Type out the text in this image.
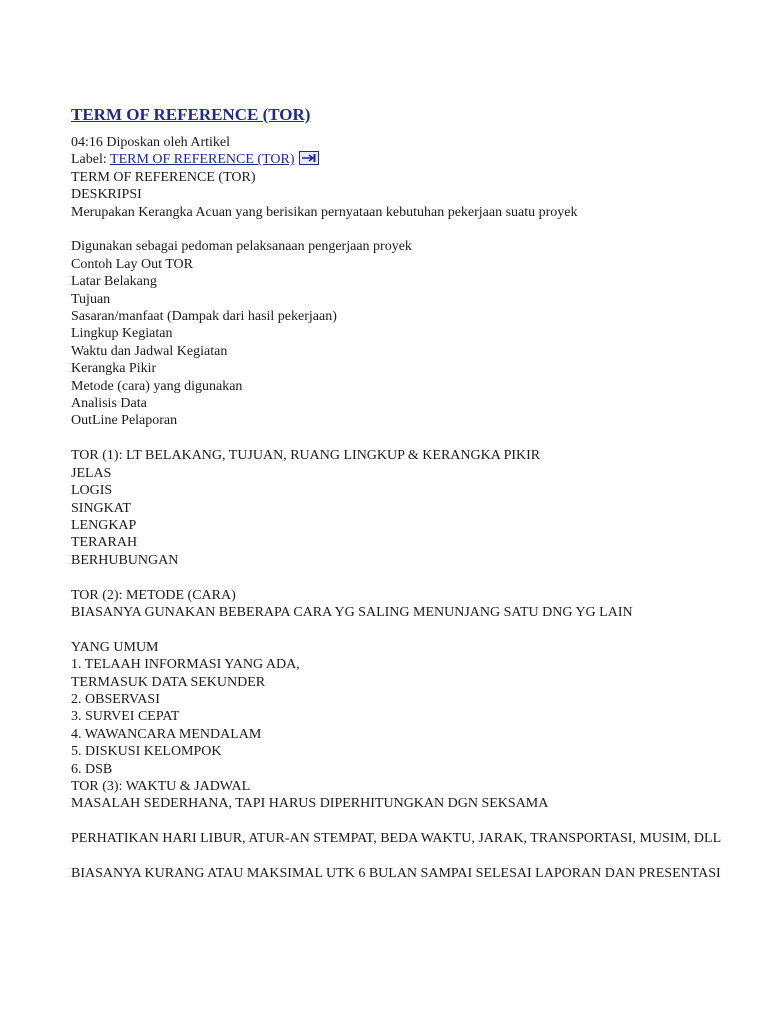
TERM OF REFERENCE (TOR)
04:16 Diposkan oleh Artikel
Label: TERM OF REFERENCE (TOR)
TERM OF REFERENCE (TOR)
DESKRIPSI
Merupakan Kerangka Acuan yang berisikan pernyataan kebutuhan pekerjaan suatu proyek
Digunakan sebagai pedoman pelaksanaan pengerjaan proyek
Contoh Lay Out TOR
Latar Belakang
Tujuan
Sasaran/manfaat (Dampak dari hasil pekerjaan)
Lingkup Kegiatan
Waktu dan Jadwal Kegiatan
Kerangka Pikir
Metode (cara) yang digunakan
Analisis Data
OutLine Pelaporan
TOR (1): LT BELAKANG, TUJUAN, RUANG LINGKUP & KERANGKA PIKIR
JELAS
LOGIS
SINGKAT
LENGKAP
TERARAH
BERHUBUNGAN
TOR (2): METODE (CARA)
BIASANYA GUNAKAN BEBERAPA CARA YG SALING MENUNJANG SATU DNG YG LAIN
YANG UMUM
1. TELAAH INFORMASI YANG ADA,
TERMASUK DATA SEKUNDER
2. OBSERVASI
3. SURVEI CEPAT
4. WAWANCARA MENDALAM
5. DISKUSI KELOMPOK
6. DSB
TOR (3): WAKTU & JADWAL
MASALAH SEDERHANA, TAPI HARUS DIPERHITUNGKAN DGN SEKSAMA
PERHATIKAN HARI LIBUR, ATUR-AN STEMPAT, BEDA WAKTU, JARAK, TRANSPORTASI, MUSIM, DLL
BIASANYA KURANG ATAU MAKSIMAL UTK 6 BULAN SAMPAI SELESAI LAPORAN DAN PRESENTASI
